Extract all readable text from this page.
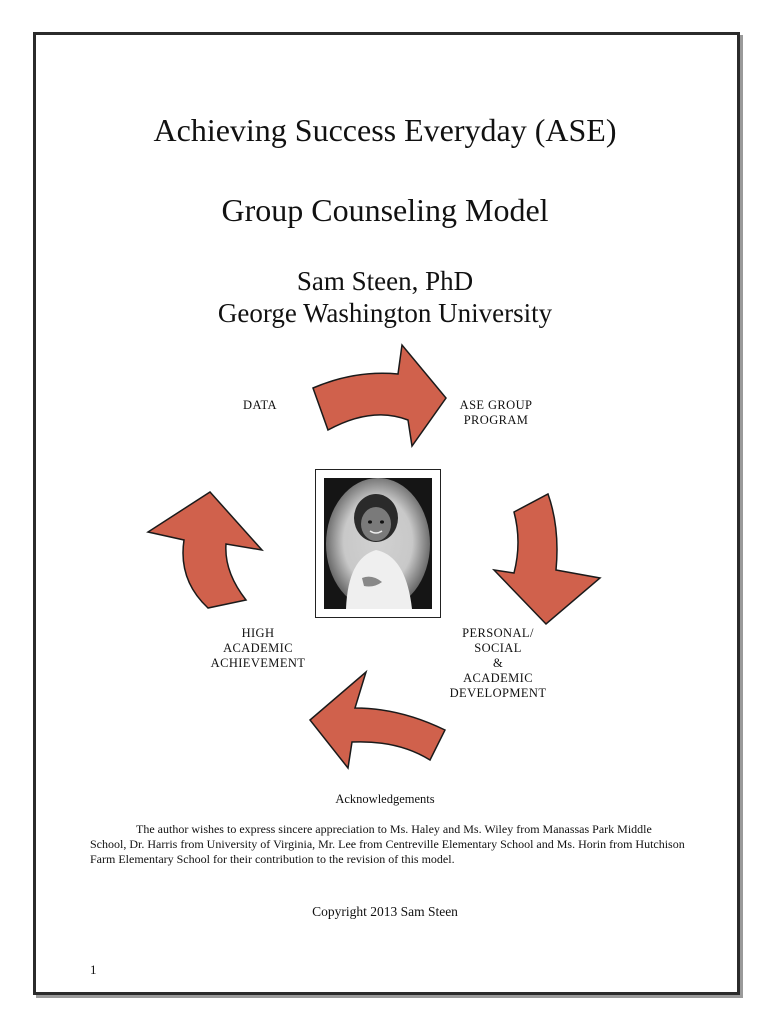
Achieving Success Everyday (ASE)
Group Counseling Model
Sam Steen, PhD
George Washington University
DATA	ASE GROUP
PROGRAM
PERSONAL/
SOCIAL
&
ACADEMIC
DEVELOPMENT
HIGH
ACADEMIC
ACHIEVEMENT
Acknowledgements
The author wishes to express sincere appreciation to Ms. Haley and Ms. Wiley from Manassas Park Middle School, Dr. Harris from University of Virginia, Mr. Lee from Centreville Elementary School and Ms. Horin from Hutchison Farm Elementary School for their contribution to the revision of this model.
Copyright 2013 Sam Steen
1
